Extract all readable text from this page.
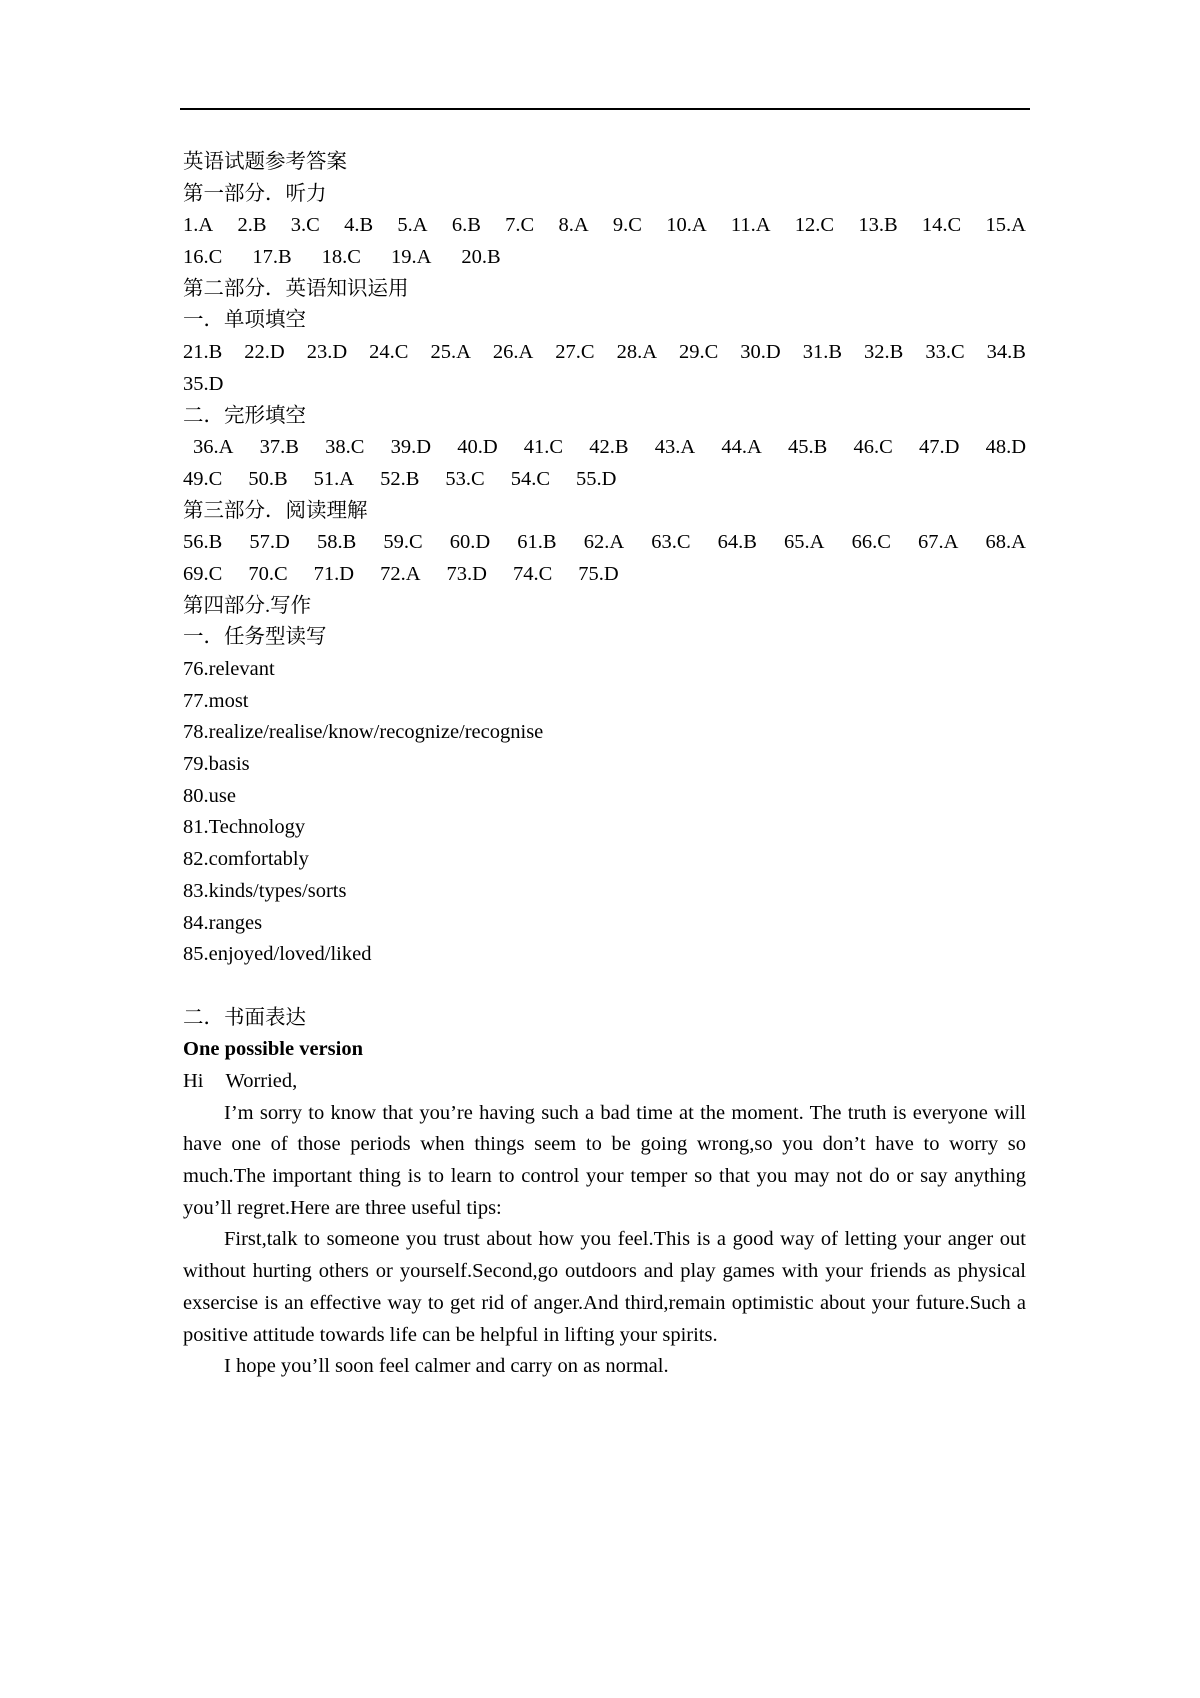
英语试题参考答案
第一部分．听力
1.A 2.B 3.C 4.B 5.A 6.B 7.C 8.A 9.C 10.A 11.A 12.C 13.B 14.C 15.A
16.C 17.B 18.C 19.A 20.B
第二部分．英语知识运用
一．单项填空
21.B 22.D 23.D 24.C 25.A 26.A 27.C 28.A 29.C 30.D 31.B 32.B 33.C 34.B
35.D
二．完形填空
36.A 37.B 38.C 39.D 40.D 41.C 42.B 43.A 44.A 45.B 46.C 47.D 48.D
49.C 50.B 51.A 52.B 53.C 54.C 55.D
第三部分．阅读理解
56.B 57.D 58.B 59.C 60.D 61.B 62.A 63.C 64.B 65.A 66.C 67.A 68.A
69.C 70.C 71.D 72.A 73.D 74.C 75.D
第四部分.写作
一．任务型读写
76.relevant
77.most
78.realize/realise/know/recognize/recognise
79.basis
80.use
81.Technology
82.comfortably
83.kinds/types/sorts
84.ranges
85.enjoyed/loved/liked
二．书面表达
One possible version
Hi Worried,

I’m sorry to know that you’re having such a bad time at the moment. The truth is everyone will have one of those periods when things seem to be going wrong,so you don’t have to worry so much.The important thing is to learn to control your temper so that you may not do or say anything you’ll regret.Here are three useful tips:

First,talk to someone you trust about how you feel.This is a good way of letting your anger out without hurting others or yourself.Second,go outdoors and play games with your friends as physical exsercise is an effective way to get rid of anger.And third,remain optimistic about your future.Such a positive attitude towards life can be helpful in lifting your spirits.

I hope you’ll soon feel calmer and carry on as normal.
